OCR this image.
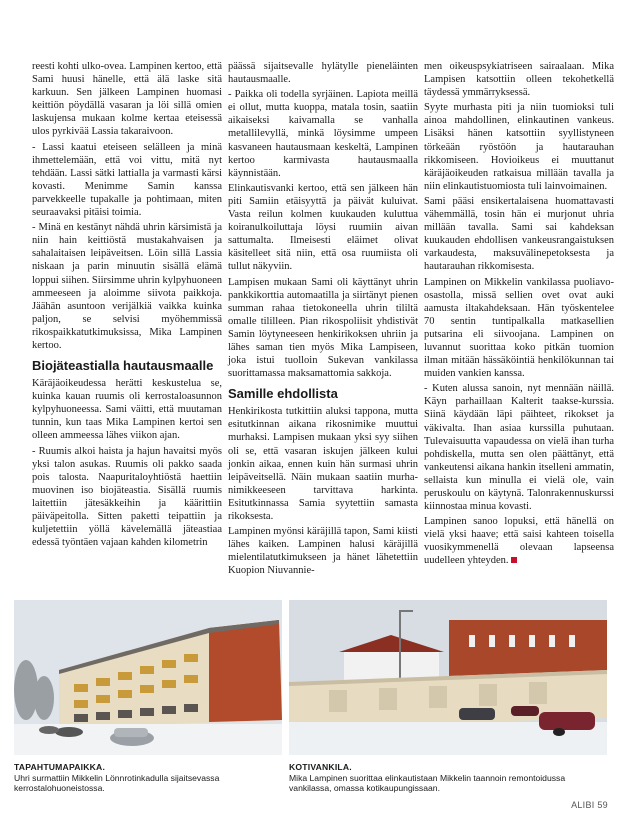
reesti kohti ulko-ovea. Lampinen kertoo, että Sami huusi hänelle, että älä laske sitä karkuun. Sen jälkeen Lampinen huomasi keittiön pöydällä vasaran ja löi sillä omien laskujensa mukaan kolme kertaa eteisessä ulos pyrkivää Lassia takaraivoon.

- Lassi kaatui eteiseen selälleen ja minä ihmettelemään, että voi vittu, mitä nyt tehdään. Lassi sätki lattialla ja varmasti kärsi kovasti. Menimme Samin kanssa parvekkeelle tupakalle ja pohtimaan, miten seuraavaksi pitäisi toimia.

- Minä en kestänyt nähdä uhrin kärsimistä ja niin hain keittiöstä mustakahvaisen ja sahalaitaisen leipäveitsen. Löin sillä Lassia niskaan ja parin minuutin sisällä elämä loppui siihen. Siirsimme uhrin kylpyhuoneen ammeeseen ja aloimme siivota paikkoja. Jäähän asuntoon verijälkiä vaikka kuinka paljon, se selvisi myöhemmissä rikospaikkatutkimuksissa, Mika Lampinen kertoo.

Biojäteastialla hautausmaalle

Käräjäoikeudessa herätti keskustelua se, kuinka kauan ruumis oli kerrostaloasunnon kylpyhuoneessa. Sami väitti, että muutaman tunnin, kun taas Mika Lampinen kertoi sen olleen ammeessa lähes viikon ajan.

- Ruumis alkoi haista ja hajun havaitsi myös yksi talon asukas. Ruumis oli pakko saada pois talosta. Naapuritaloyhtiöstä haettiin muovinen iso biojäteastia. Sisällä ruumis laitettiin jätesäkkeihin ja käärittiin päiväpeitolla. Sitten paketti teipattiin ja kuljetettiin yöllä kävelemällä jäteastiaa edessä työntäen vajaan kahden kilometrin

päässä sijaitsevalle hylätylle pieneläinten hautausmaalle.

- Paikka oli todella syrjäinen. Lapiota meillä ei ollut, mutta kuoppa, matala tosin, saatiin aikaiseksi kaivamalla se vanhalla metallilevyllä, minkä löysimme umpeen kasvaneen hautausmaan keskeltä, Lampinen kertoo karmivasta hautausmaalla käynnistään.

Elinkautisvanki kertoo, että sen jälkeen hän piti Samiin etäisyyttä ja päivät kuluivat. Vasta reilun kolmen kuukauden kuluttua koiranulkoiluttaja löysi ruumiin aivan sattumalta. Ilmeisesti eläimet olivat käsitelleet sitä niin, että osa ruumiista oli tullut näkyviin.

Lampisen mukaan Sami oli käyttänyt uhrin pankkikorttia automaatilla ja siirtänyt pienen summan rahaa tietokoneella uhrin tililtä omalle tililleen. Pian rikospoliisit yhdistivät Samin löytyneeseen henkirikoksen uhriin ja lähes saman tien myös Mika Lampiseen, joka istui tuolloin Sukevan vankilassa suorittamassa maksamattomia sakkoja.

Samille ehdollista

Henkirikosta tutkittiin aluksi tappona, mutta esitutkinnan aikana rikosnimike muuttui murhaksi. Lampisen mukaan yksi syy siihen oli se, että vasaran iskujen jälkeen kului jonkin aikaa, ennen kuin hän surmasi uhrin leipäveitsellä. Näin mukaan saatiin murha-nimikkeeseen tarvittava harkinta. Esitutkinnassa Samia syytettiin samasta rikoksesta.

Lampinen myönsi käräjillä tapon, Sami kiisti lähes kaiken. Lampinen halusi käräjillä mielentilatutkimukseen ja hänet lähetettiin Kuopion Niuvannie-

men oikeuspsykiatriseen sairaalaan. Mika Lampisen katsottiin olleen tekohetkellä täydessä ymmärryksessä.

Syyte murhasta piti ja niin tuomioksi tuli ainoa mahdollinen, elinkautinen vankeus. Lisäksi hänen katsottiin syyllistyneen törkeään ryöstöön ja hautarauhan rikkomiseen. Hovioikeus ei muuttanut käräjäoikeuden ratkaisua millään tavalla ja niin elinkautistuomiosta tuli lainvoimainen.

Sami pääsi ensikertalaisena huomattavasti vähemmällä, tosin hän ei murjonut uhria millään tavalla. Sami sai kahdeksan kuukauden ehdollisen vankeusrangaistuksen varkaudesta, maksuvälinepetoksesta ja hautarauhan rikkomisesta.

Lampinen on Mikkelin vankilassa puoliavo-osastolla, missä sellien ovet ovat auki aamusta iltakahdeksaan. Hän työskentelee 70 sentin tuntipalkalla matkasellien putsarina eli siivoojana. Lampinen on luvannut suorittaa koko pitkän tuomion ilman mitään hässäköintiä henkilökunnan tai muiden vankien kanssa.

- Kuten alussa sanoin, nyt mennään näillä. Käyn parhaillaan Kalterit taakse-kurssia. Siinä käydään läpi päihteet, rikokset ja väkivalta. Ihan asiaa kurssilla puhutaan. Tulevaisuutta vapaudessa on vielä ihan turha pohdiskella, mutta sen olen päättänyt, että vankeutensi aikana hankin itselleni ammatin, sellaista kun minulla ei vielä ole, vain peruskoulu on käytynä. Talonrakennuskurssi kiinnostaa minua kovasti.

Lampinen sanoo lopuksi, että hänellä on vielä yksi haave; että saisi kahteen toisella vuosikymmenellä olevaan lapseensa uudelleen yhteyden.

TAPAHTUMAPAIKKA.
Uhri surmattiin Mikkelin Lönnrotinkadulla sijaitsevassa kerrostalohuoneistossa.
KOTIVANKILA.
Mika Lampinen suorittaa elinkautistaan Mikkelin taannoin remontoidussa vankilassa, omassa kotikaupungissaan.
ALIBI 59
